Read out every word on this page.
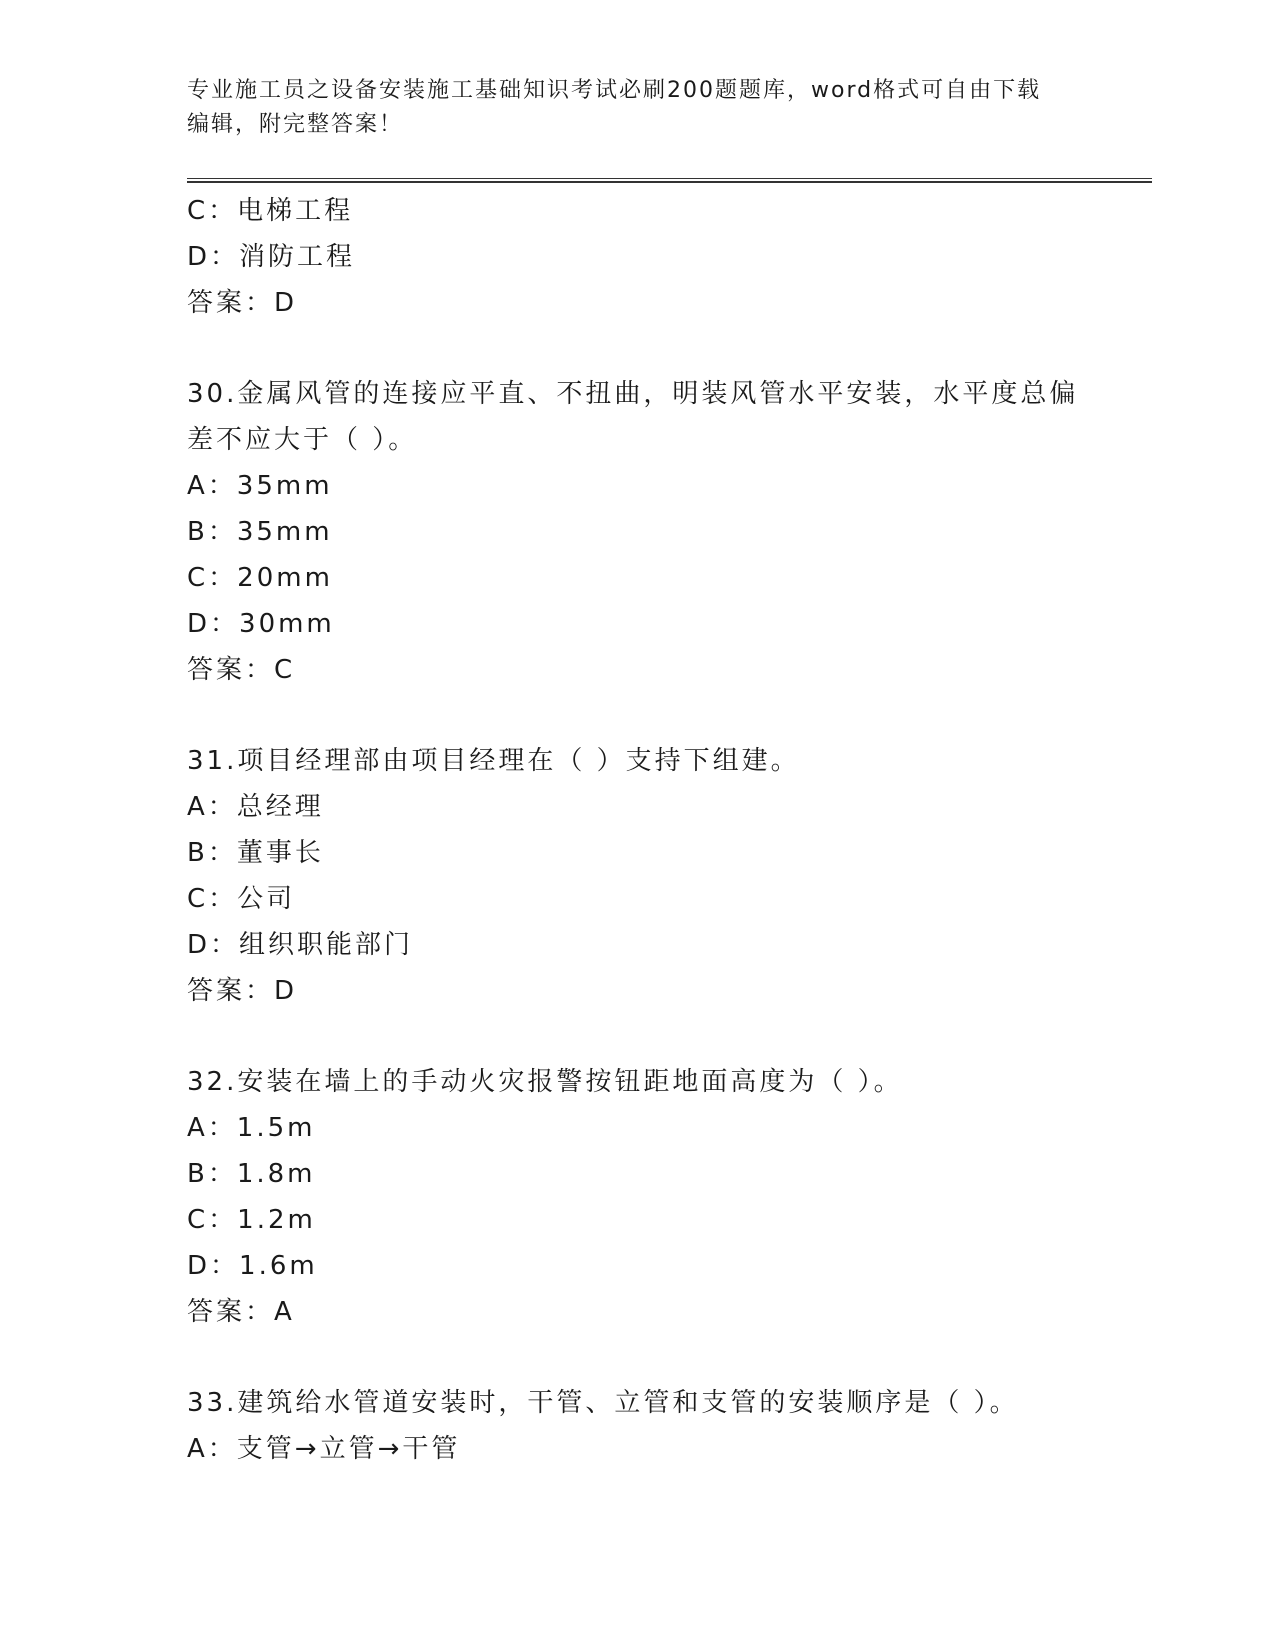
专业施工员之设备安装施工基础知识考试必刷200题题库，word格式可自由下载
编辑，附完整答案！
C：电梯工程
D：消防工程
答案：D
30.金属风管的连接应平直、不扭曲，明装风管水平安装，水平度总偏
差不应大于（ ）。
A：35mm
B：35mm
C：20mm
D：30mm
答案：C
31.项目经理部由项目经理在（ ）支持下组建。
A：总经理
B：董事长
C：公司
D：组织职能部门
答案：D
32.安装在墙上的手动火灾报警按钮距地面高度为（ ）。
A：1.5m
B：1.8m
C：1.2m
D：1.6m
答案：A
33.建筑给水管道安装时，干管、立管和支管的安装顺序是（ ）。
A：支管→立管→干管
